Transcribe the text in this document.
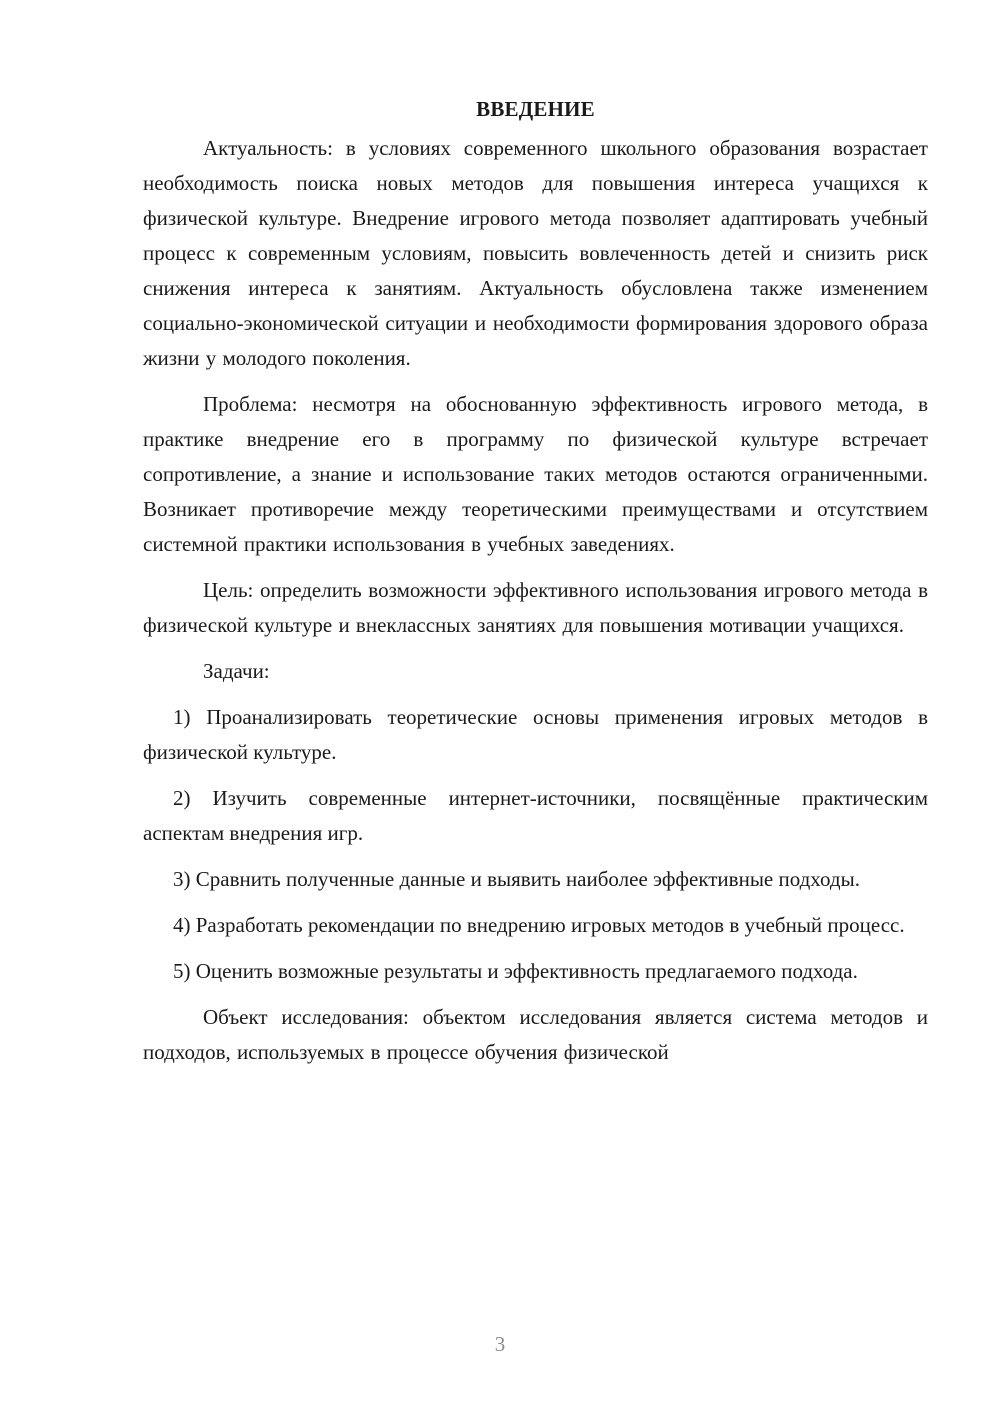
ВВЕДЕНИЕ

Актуальность: в условиях современного школьного образования возрастает необходимость поиска новых методов для повышения интереса учащихся к физической культуре. Внедрение игрового метода позволяет адаптировать учебный процесс к современным условиям, повысить вовлеченность детей и снизить риск снижения интереса к занятиям. Актуальность обусловлена также изменением социально-экономической ситуации и необходимости формирования здорового образа жизни у молодого поколения.

Проблема: несмотря на обоснованную эффективность игрового метода, в практике внедрение его в программу по физической культуре встречает сопротивление, а знание и использование таких методов остаются ограниченными. Возникает противоречие между теоретическими преимуществами и отсутствием системной практики использования в учебных заведениях.

Цель: определить возможности эффективного использования игрового метода в физической культуре и внеклассных занятиях для повышения мотивации учащихся.

Задачи:

1) Проанализировать теоретические основы применения игровых методов в физической культуре.

2) Изучить современные интернет-источники, посвящённые практическим аспектам внедрения игр.

3) Сравнить полученные данные и выявить наиболее эффективные подходы.

4) Разработать рекомендации по внедрению игровых методов в учебный процесс.

5) Оценить возможные результаты и эффективность предлагаемого подхода.

Объект исследования: объектом исследования является система методов и подходов, используемых в процессе обучения физической

3
